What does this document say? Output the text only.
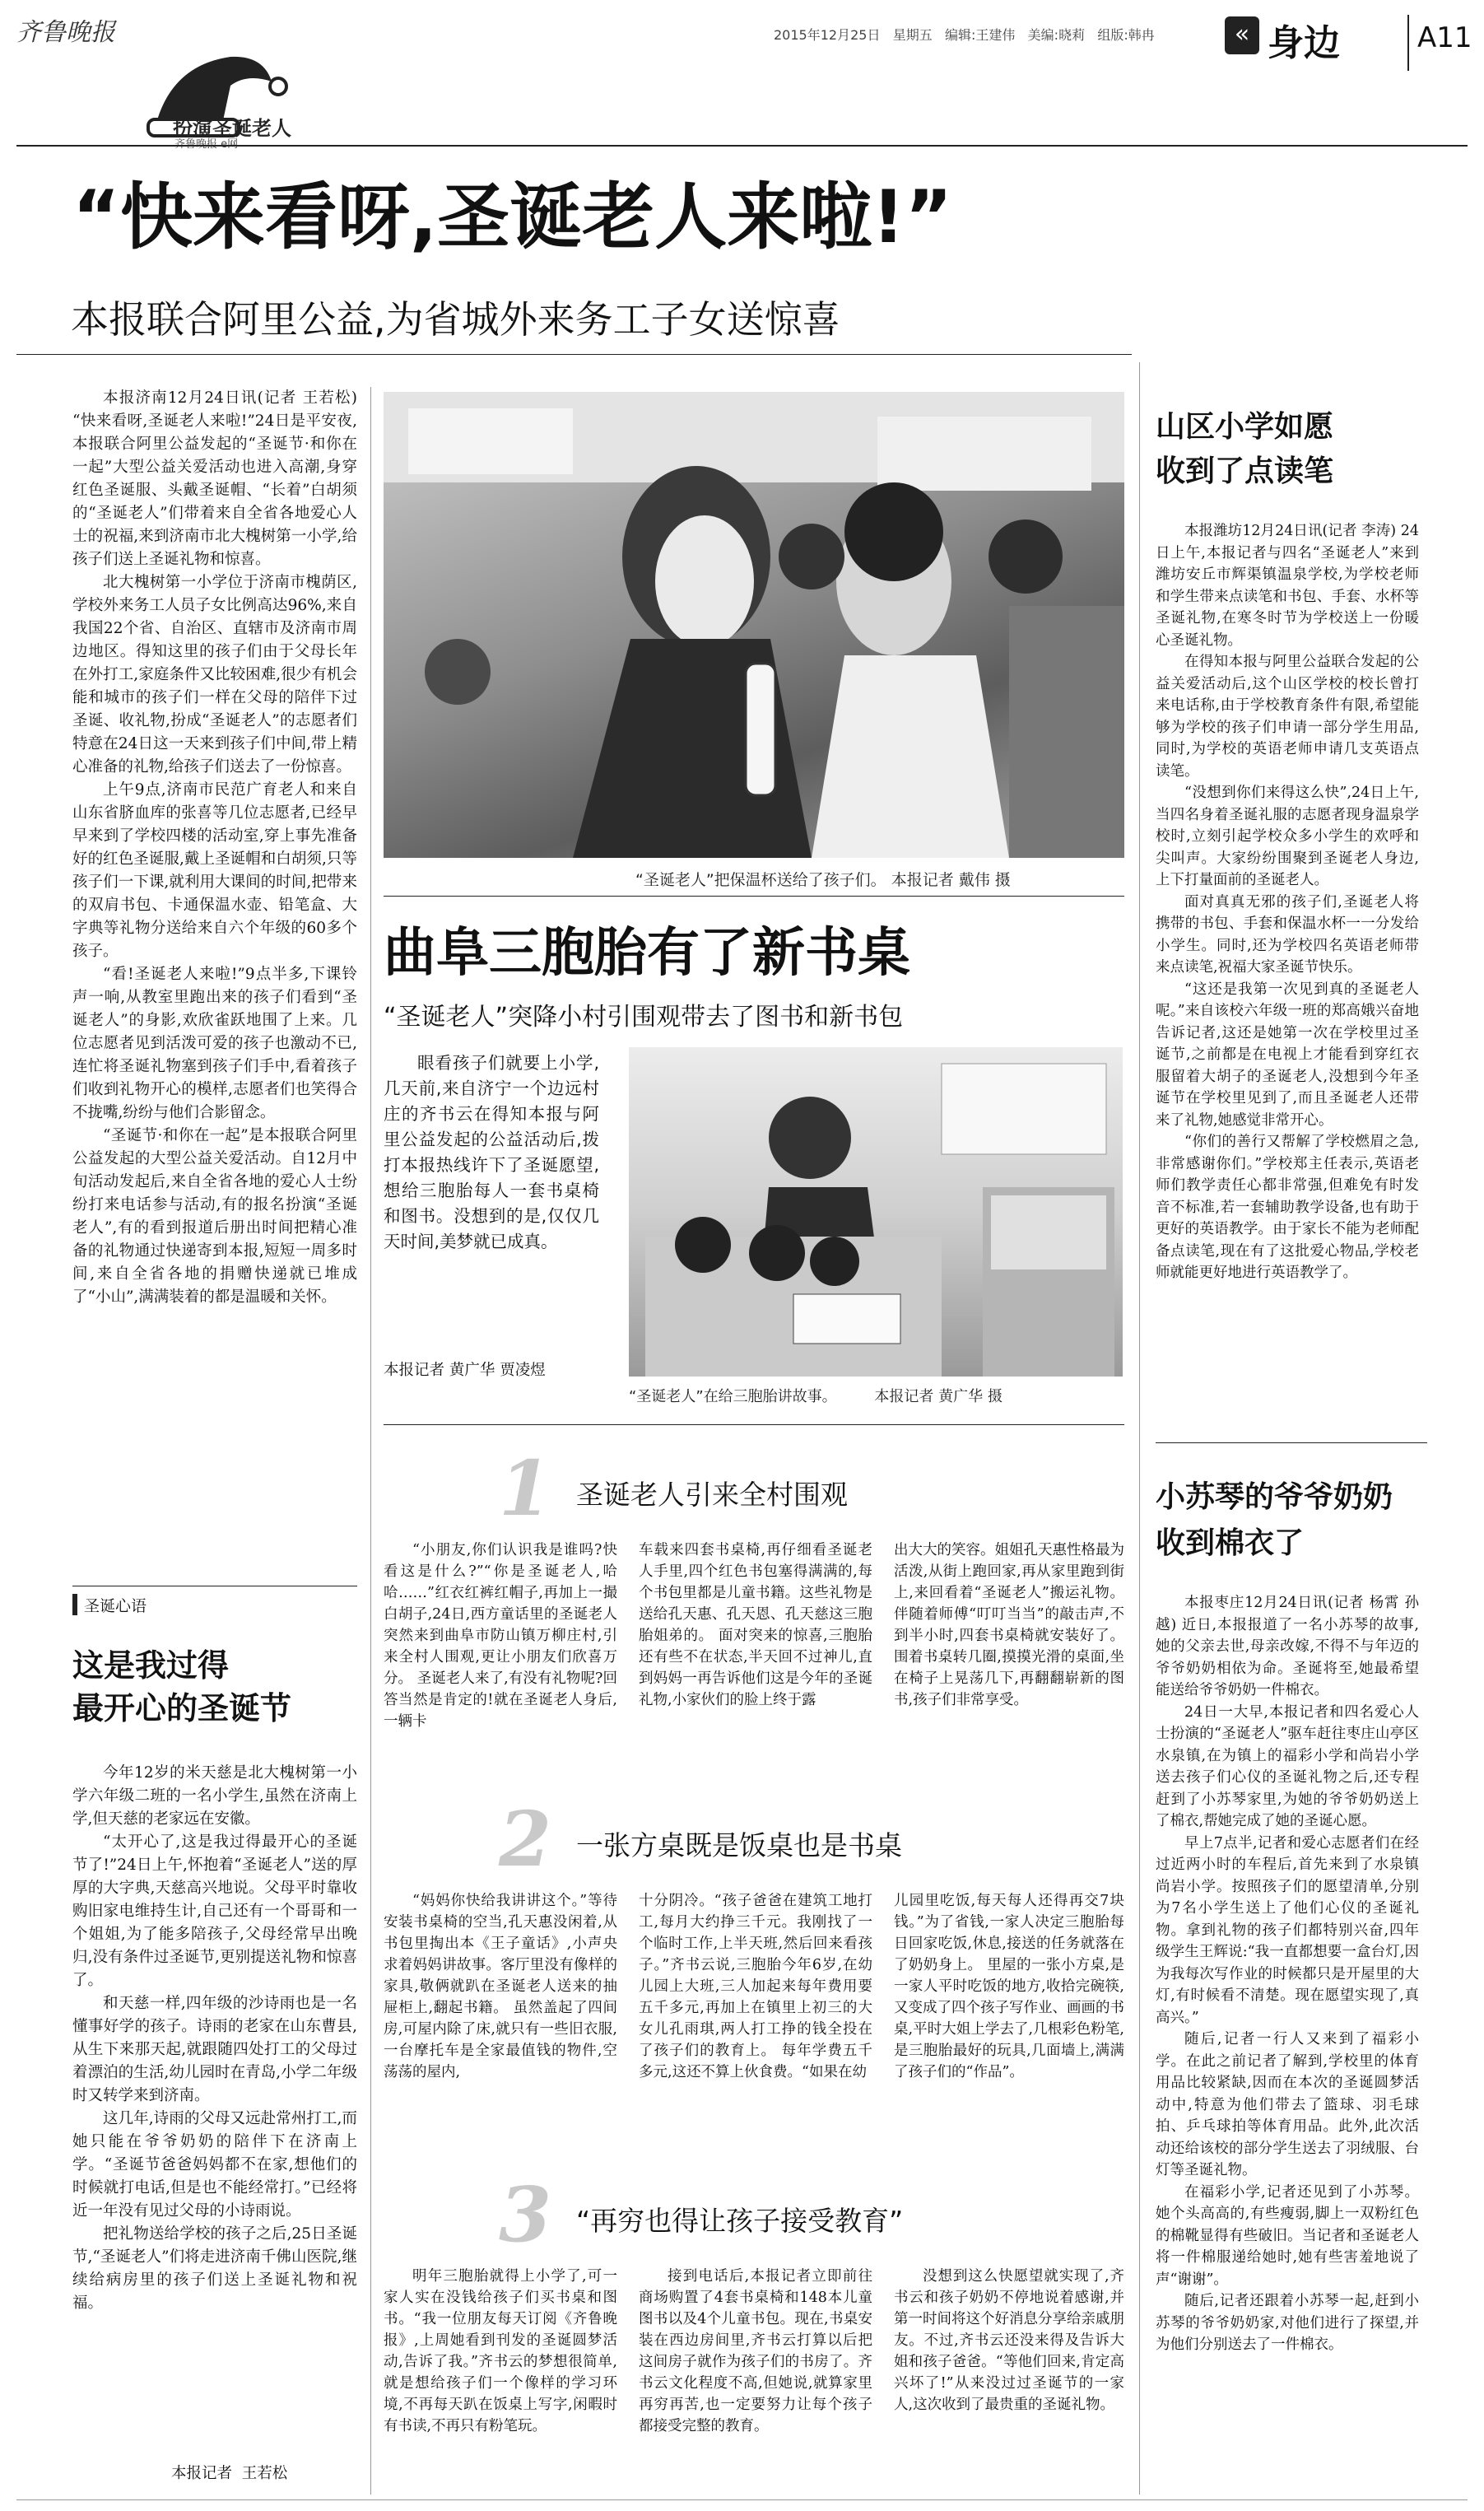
齐鲁晚报
扮演圣诞老人
2015年12月25日 星期五 编辑:王建伟 美编:晓莉 组版:韩冉	« 身边	A11
“快来看呀,圣诞老人来啦!”
本报联合阿里公益,为省城外来务工子女送惊喜

本报济南12月24日讯(记者 王若松) “快来看呀,圣诞老人来啦!”24日是平安夜,本报联合阿里公益发起的“圣诞节·和你在一起”大型公益关爱活动也进入高潮,身穿红色圣诞服、头戴圣诞帽、“长着”白胡须的“圣诞老人”们带着来自全省各地爱心人士的祝福,来到济南市北大槐树第一小学,给孩子们送上圣诞礼物和惊喜。

北大槐树第一小学位于济南市槐荫区,学校外来务工人员子女比例高达96%,来自我国22个省、自治区、直辖市及济南市周边地区。得知这里的孩子们由于父母长年在外打工,家庭条件又比较困难,很少有机会能和城市的孩子们一样在父母的陪伴下过圣诞、收礼物,扮成“圣诞老人”的志愿者们特意在24日这一天来到孩子们中间,带上精心准备的礼物,给孩子们送去了一份惊喜。

上午9点,济南市民范广育老人和来自山东省脐血库的张喜等几位志愿者,已经早早来到了学校四楼的活动室,穿上事先准备好的红色圣诞服,戴上圣诞帽和白胡须,只等孩子们一下课,就利用大课间的时间,把带来的双肩书包、卡通保温水壶、铅笔盒、大字典等礼物分送给来自六个年级的60多个孩子。

“看!圣诞老人来啦!”9点半多,下课铃声一响,从教室里跑出来的孩子们看到“圣诞老人”的身影,欢欣雀跃地围了上来。几位志愿者见到活泼可爱的孩子也激动不已,连忙将圣诞礼物塞到孩子们手中,看着孩子们收到礼物开心的模样,志愿者们也笑得合不拢嘴,纷纷与他们合影留念。

“圣诞节·和你在一起”是本报联合阿里公益发起的大型公益关爱活动。自12月中旬活动发起后,来自全省各地的爱心人士纷纷打来电话参与活动,有的报名扮演“圣诞老人”,有的看到报道后册出时间把精心准备的礼物通过快递寄到本报,短短一周多时间,来自全省各地的捐赠快递就已堆成了“小山”,满满装着的都是温暖和关怀。

“圣诞老人”把保温杯送给了孩子们。 本报记者 戴伟 摄
曲阜三胞胎有了新书桌
“圣诞老人”突降小村引围观带去了图书和新书包
眼看孩子们就要上小学,几天前,来自济宁一个边远村庄的齐书云在得知本报与阿里公益发起的公益活动后,拨打本报热线许下了圣诞愿望,想给三胞胎每人一套书桌椅和图书。没想到的是,仅仅几天时间,美梦就已成真。
本报记者 黄广华 贾凌煜
“圣诞老人”在给三胞胎讲故事。        本报记者 黄广华 摄
1 圣诞老人引来全村围观
“小朋友,你们认识我是谁吗?快看这是什么?”“你是圣诞老人,哈哈……”红衣红裤红帽子,再加上一撮白胡子,24日,西方童话里的圣诞老人突然来到曲阜市防山镇万柳庄村,引来全村人围观,更让小朋友们欣喜万分。 圣诞老人来了,有没有礼物呢?回答当然是肯定的!就在圣诞老人身后,一辆卡
车载来四套书桌椅,再仔细看圣诞老人手里,四个红色书包塞得满满的,每个书包里都是儿童书籍。这些礼物是送给孔天惠、孔天恩、孔天慈这三胞胎姐弟的。 面对突来的惊喜,三胞胎还有些不在状态,半天回不过神儿,直到妈妈一再告诉他们这是今年的圣诞礼物,小家伙们的脸上终于露
出大大的笑容。姐姐孔天惠性格最为活泼,从街上跑回家,再从家里跑到街上,来回看着“圣诞老人”搬运礼物。 伴随着师傅“叮叮当当”的敲击声,不到半小时,四套书桌椅就安装好了。围着书桌转几圈,摸摸光滑的桌面,坐在椅子上晃荡几下,再翻翻崭新的图书,孩子们非常享受。
2 一张方桌既是饭桌也是书桌
“妈妈你快给我讲讲这个。”等待安装书桌椅的空当,孔天惠没闲着,从书包里掏出本《王子童话》,小声央求着妈妈讲故事。客厅里没有像样的家具,敬俩就趴在圣诞老人送来的抽屉柜上,翻起书籍。 虽然盖起了四间房,可屋内除了床,就只有一些旧衣服,一台摩托车是全家最值钱的物件,空荡荡的屋内,
十分阴冷。“孩子爸爸在建筑工地打工,每月大约挣三千元。我刚找了一个临时工作,上半天班,然后回来看孩子。”齐书云说,三胞胎今年6岁,在幼儿园上大班,三人加起来每年费用要五千多元,再加上在镇里上初三的大女儿孔雨琪,两人打工挣的钱全投在了孩子们的教育上。 每年学费五千多元,这还不算上伙食费。“如果在幼
儿园里吃饭,每天每人还得再交7块钱。”为了省钱,一家人决定三胞胎每日回家吃饭,休息,接送的任务就落在了奶奶身上。 里屋的一张小方桌,是一家人平时吃饭的地方,收拾完碗筷,又变成了四个孩子写作业、画画的书桌,平时大姐上学去了,几根彩色粉笔,是三胞胎最好的玩具,几面墙上,满满了孩子们的“作品”。
3 “再穷也得让孩子接受教育”
明年三胞胎就得上小学了,可一家人实在没钱给孩子们买书桌和图书。“我一位朋友每天订阅《齐鲁晚报》,上周她看到刊发的圣诞圆梦活动,告诉了我。”齐书云的梦想很简单,就是想给孩子们一个像样的学习环境,不再每天趴在饭桌上写字,闲暇时有书读,不再只有粉笔玩。
接到电话后,本报记者立即前往商场购置了4套书桌椅和148本儿童图书以及4个儿童书包。现在,书桌安装在西边房间里,齐书云打算以后把这间房子就作为孩子们的书房了。齐书云文化程度不高,但她说,就算家里再穷再苦,也一定要努力让每个孩子都接受完整的教育。
没想到这么快愿望就实现了,齐书云和孩子奶奶不停地说着感谢,并第一时间将这个好消息分享给亲戚朋友。不过,齐书云还没来得及告诉大姐和孩子爸爸。“等他们回来,肯定高兴坏了!”从来没过过圣诞节的一家人,这次收到了最贵重的圣诞礼物。
圣诞心语
这是我过得
最开心的圣诞节

今年12岁的米天慈是北大槐树第一小学六年级二班的一名小学生,虽然在济南上学,但天慈的老家远在安徽。

“太开心了,这是我过得最开心的圣诞节了!”24日上午,怀抱着“圣诞老人”送的厚厚的大字典,天慈高兴地说。父母平时靠收购旧家电维持生计,自己还有一个哥哥和一个姐姐,为了能多陪孩子,父母经常早出晚归,没有条件过圣诞节,更别提送礼物和惊喜了。

和天慈一样,四年级的沙诗雨也是一名懂事好学的孩子。诗雨的老家在山东曹县,从生下来那天起,就跟随四处打工的父母过着漂泊的生活,幼儿园时在青岛,小学二年级时又转学来到济南。

这几年,诗雨的父母又远赴常州打工,而她只能在爷爷奶奶的陪伴下在济南上学。“圣诞节爸爸妈妈都不在家,想他们的时候就打电话,但是也不能经常打。”已经将近一年没有见过父母的小诗雨说。

把礼物送给学校的孩子之后,25日圣诞节,“圣诞老人”们将走进济南千佛山医院,继续给病房里的孩子们送上圣诞礼物和祝福。

本报记者  王若松
山区小学如愿
收到了点读笔

本报潍坊12月24日讯(记者 李涛) 24日上午,本报记者与四名“圣诞老人”来到潍坊安丘市辉渠镇温泉学校,为学校老师和学生带来点读笔和书包、手套、水杯等圣诞礼物,在寒冬时节为学校送上一份暖心圣诞礼物。

在得知本报与阿里公益联合发起的公益关爱活动后,这个山区学校的校长曾打来电话称,由于学校教育条件有限,希望能够为学校的孩子们申请一部分学生用品,同时,为学校的英语老师申请几支英语点读笔。

“没想到你们来得这么快”,24日上午,当四名身着圣诞礼服的志愿者现身温泉学校时,立刻引起学校众多小学生的欢呼和尖叫声。大家纷纷围聚到圣诞老人身边,上下打量面前的圣诞老人。

面对真真无邪的孩子们,圣诞老人将携带的书包、手套和保温水杯一一分发给小学生。同时,还为学校四名英语老师带来点读笔,祝福大家圣诞节快乐。

“这还是我第一次见到真的圣诞老人呢。”来自该校六年级一班的郑高娥兴奋地告诉记者,这还是她第一次在学校里过圣诞节,之前都是在电视上才能看到穿红衣服留着大胡子的圣诞老人,没想到今年圣诞节在学校里见到了,而且圣诞老人还带来了礼物,她感觉非常开心。

“你们的善行又帮解了学校燃眉之急,非常感谢你们。”学校郑主任表示,英语老师们教学责任心都非常强,但难免有时发音不标准,若一套辅助教学设备,也有助于更好的英语教学。由于家长不能为老师配备点读笔,现在有了这批爱心物品,学校老师就能更好地进行英语教学了。

小苏琴的爷爷奶奶
收到棉衣了

本报枣庄12月24日讯(记者 杨霄 孙越) 近日,本报报道了一名小苏琴的故事,她的父亲去世,母亲改嫁,不得不与年迈的爷爷奶奶相依为命。圣诞将至,她最希望能送给爷爷奶奶一件棉衣。

24日一大早,本报记者和四名爱心人士扮演的“圣诞老人”驱车赶往枣庄山亭区水泉镇,在为镇上的福彩小学和尚岩小学送去孩子们心仪的圣诞礼物之后,还专程赶到了小苏琴家里,为她的爷爷奶奶送上了棉衣,帮她完成了她的圣诞心愿。

早上7点半,记者和爱心志愿者们在经过近两小时的车程后,首先来到了水泉镇尚岩小学。按照孩子们的愿望清单,分别为7名小学生送上了他们心仪的圣诞礼物。拿到礼物的孩子们都特别兴奋,四年级学生王辉说:“我一直都想要一盒台灯,因为我每次写作业的时候都只是开屋里的大灯,有时候看不清楚。现在愿望实现了,真高兴。”

随后,记者一行人又来到了福彩小学。在此之前记者了解到,学校里的体育用品比较紧缺,因而在本次的圣诞圆梦活动中,特意为他们带去了篮球、羽毛球拍、乒乓球拍等体育用品。此外,此次活动还给该校的部分学生送去了羽绒服、台灯等圣诞礼物。

在福彩小学,记者还见到了小苏琴。她个头高高的,有些瘦弱,脚上一双粉红色的棉靴显得有些破旧。当记者和圣诞老人将一件棉服递给她时,她有些害羞地说了声“谢谢”。

随后,记者还跟着小苏琴一起,赶到小苏琴的爷爷奶奶家,对他们进行了探望,并为他们分别送去了一件棉衣。
